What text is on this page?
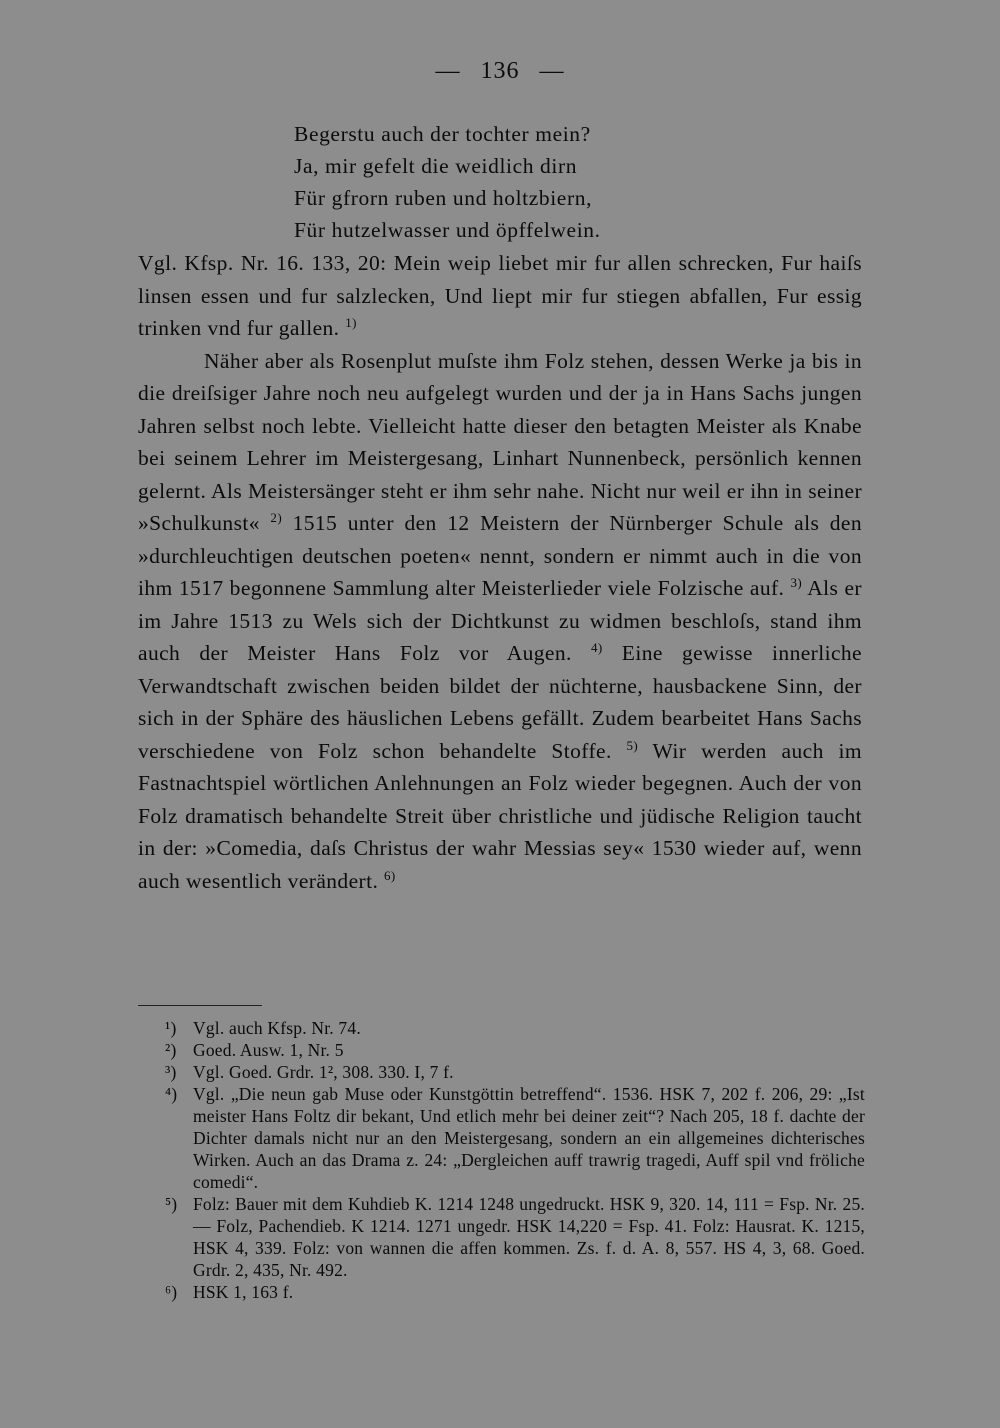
— 136 —
Begerstu auch der tochter mein?
Ja, mir gefelt die weidlich dirn
Für gfrorn ruben und holtzbiern,
Für hutzelwasser und öpffelwein.

Vgl. Kfsp. Nr. 16. 133, 20: Mein weip liebet mir fur allen schrecken, Fur haiſs linsen essen und fur salzlecken, Und liept mir fur stiegen abfallen, Fur essig trinken vnd fur gallen. $^{1)}$

Näher aber als Rosenplut muſste ihm Folz stehen, dessen Werke ja bis in die dreiſsiger Jahre noch neu aufgelegt wurden und der ja in Hans Sachs jungen Jahren selbst noch lebte. Vielleicht hatte dieser den betagten Meister als Knabe bei seinem Lehrer im Meistergesang, Linhart Nunnenbeck, persönlich kennen gelernt. Als Meistersänger steht er ihm sehr nahe. Nicht nur weil er ihn in seiner »Schulkunst« $^{2)}$ 1515 unter den 12 Meistern der Nürnberger Schule als den »durchleuchtigen deutschen poeten« nennt, sondern er nimmt auch in die von ihm 1517 begonnene Sammlung alter Meisterlieder viele Folzische auf. $^{3)}$ Als er im Jahre 1513 zu Wels sich der Dichtkunst zu widmen beschloſs, stand ihm auch der Meister Hans Folz vor Augen. $^{4)}$ Eine gewisse innerliche Verwandtschaft zwischen beiden bildet der nüchterne, hausbackene Sinn, der sich in der Sphäre des häuslichen Lebens gefällt. Zudem bearbeitet Hans Sachs verschiedene von Folz schon behandelte Stoffe. $^{5)}$ Wir werden auch im Fastnachtspiel wörtlichen Anlehnungen an Folz wieder begegnen. Auch der von Folz dramatisch behandelte Streit über christliche und jüdische Religion taucht in der: »Comedia, daſs Christus der wahr Messias sey« 1530 wieder auf, wenn auch wesentlich verändert. $^{6)}$

¹) Vgl. auch Kfsp. Nr. 74.
²) Goed. Ausw. 1, Nr. 5
³) Vgl. Goed. Grdr. 1², 308. 330. I, 7 f.
⁴) Vgl. „Die neun gab Muse oder Kunstgöttin betreffend“. 1536. HSK 7, 202 f. 206, 29: „Ist meister Hans Foltz dir bekant, Und etlich mehr bei deiner zeit“? Nach 205, 18 f. dachte der Dichter damals nicht nur an den Meistergesang, sondern an ein allgemeines dichterisches Wirken. Auch an das Drama z. 24: „Dergleichen auff trawrig tragedi, Auff spil vnd fröliche comedi“.
⁵) Folz: Bauer mit dem Kuhdieb K. 1214 1248 ungedruckt. HSK 9, 320. 14, 111 = Fsp. Nr. 25. — Folz, Pachendieb. K 1214. 1271 ungedr. HSK 14,220 = Fsp. 41. Folz: Hausrat. K. 1215, HSK 4, 339. Folz: von wannen die affen kommen. Zs. f. d. A. 8, 557. HS 4, 3, 68. Goed. Grdr. 2, 435, Nr. 492.
⁶) HSK 1, 163 f.
